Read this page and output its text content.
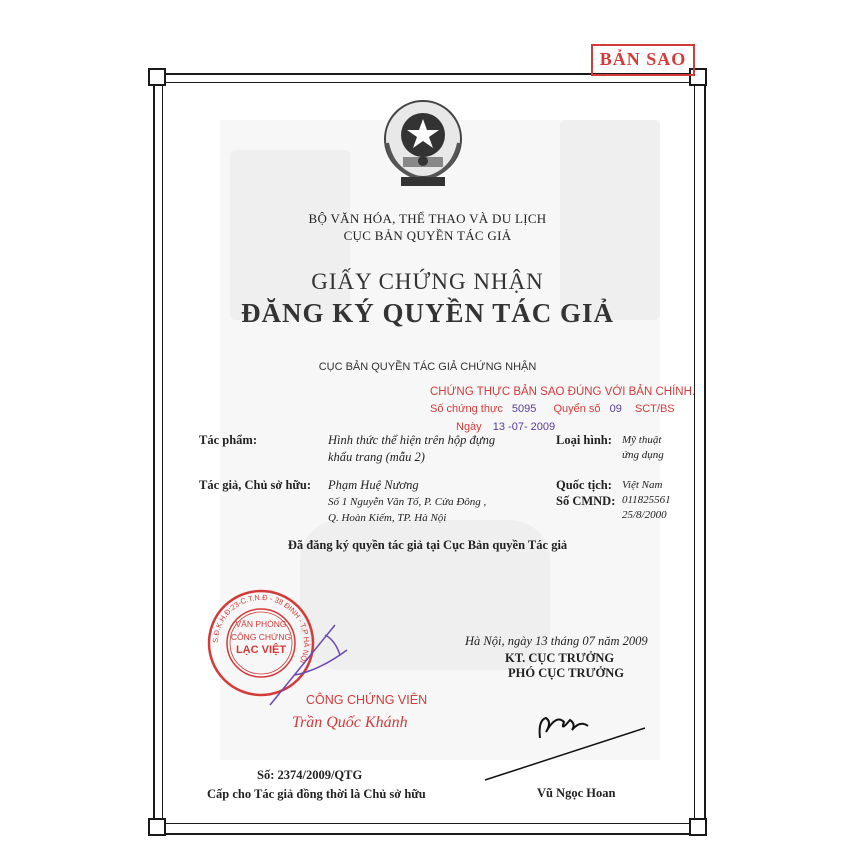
BẢN SAO
BỘ VĂN HÓA, THỂ THAO VÀ DU LỊCH
CỤC BẢN QUYỀN TÁC GIẢ
GIẤY CHỨNG NHẬN
ĐĂNG KÝ QUYỀN TÁC GIẢ
CỤC BẢN QUYỀN TÁC GIẢ CHỨNG NHẬN
CHỨNG THỰC BẢN SAO ĐÚNG VỚI BẢN CHÍNH.
Số chứng thực 5095 Quyển số 09 SCT/BS
Ngày 13 -07- 2009
Tác phẩm:	Hình thức thể hiện trên hộp đựng
khẩu trang (mẫu 2)
Loại hình: Mỹ thuật
ứng dụng
Tác giả, Chủ sở hữu: Phạm Huệ Nương
Số 1 Nguyễn Văn Tố, P. Cửa Đông ,
Q. Hoàn Kiếm, TP. Hà Nội
Quốc tịch: Việt Nam
Số CMND: 011825561
25/8/2000
Đã đăng ký quyền tác giả tại Cục Bản quyền Tác giả
S.Đ.K.H.Đ:23-C.T.N.Đ - 38 ĐINH - T.P HÀ NỘI
VĂN PHÒNG
CÔNG CHỨNG
LẠC VIỆT
CÔNG CHỨNG VIÊN
Trần Quốc Khánh
Hà Nội, ngày 13 tháng 07 năm 2009
KT. CỤC TRƯỞNG
PHÓ CỤC TRƯỞNG
Vũ Ngọc Hoan
Số: 2374/2009/QTG
Cấp cho Tác giả đồng thời là Chủ sở hữu
